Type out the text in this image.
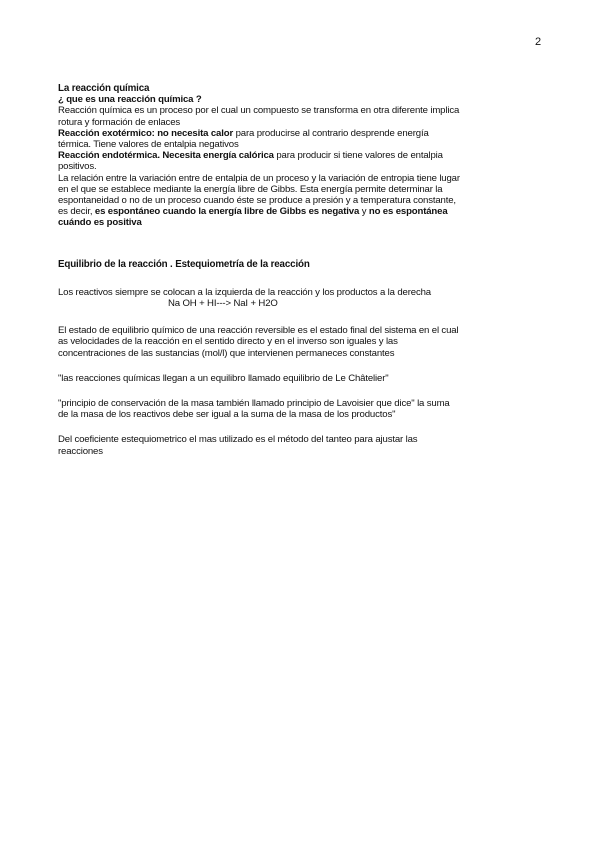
2
La reacción química
¿ que es una reacción química ?
Reacción química es un proceso por el cual un compuesto se transforma en otra diferente implica
rotura y formación de enlaces
Reacción exotérmico: no necesita calor para producirse al contrario desprende energía
térmica. Tiene valores de entalpia negativos
Reacción endotérmica. Necesita energía calórica para producir si tiene valores de entalpia
positivos.
La relación entre la variación entre de entalpia de un proceso y la variación de entropia tiene lugar
en el que se establece mediante la energía libre de Gibbs. Esta energía permite determinar la
espontaneidad o no de un proceso cuando éste se produce a presión y a temperatura constante,
es decir, es espontáneo cuando la energía libre de Gibbs es negativa y no es espontánea
cuándo es positiva
Equilibrio de la reacción . Estequiometría de la reacción
Los reactivos siempre se colocan a la izquierda de la reacción y los productos a la derecha
Na OH + HI---> NaI + H2O
El estado de equilibrio químico de una reacción reversible es el estado final del sistema en el cual
as velocidades de la reacción en el sentido directo y en el inverso son iguales y las
concentraciones de las sustancias (mol/l) que intervienen permaneces constantes
"las reacciones químicas llegan a un equilibro llamado equilibrio de Le Châtelier"
"principio de conservación de la masa también llamado principio de Lavoisier que dice" la suma
de la masa de los reactivos debe ser igual a la suma de la masa de los productos"
Del coeficiente estequiometrico el mas utilizado es el método del tanteo para ajustar las
reacciones
